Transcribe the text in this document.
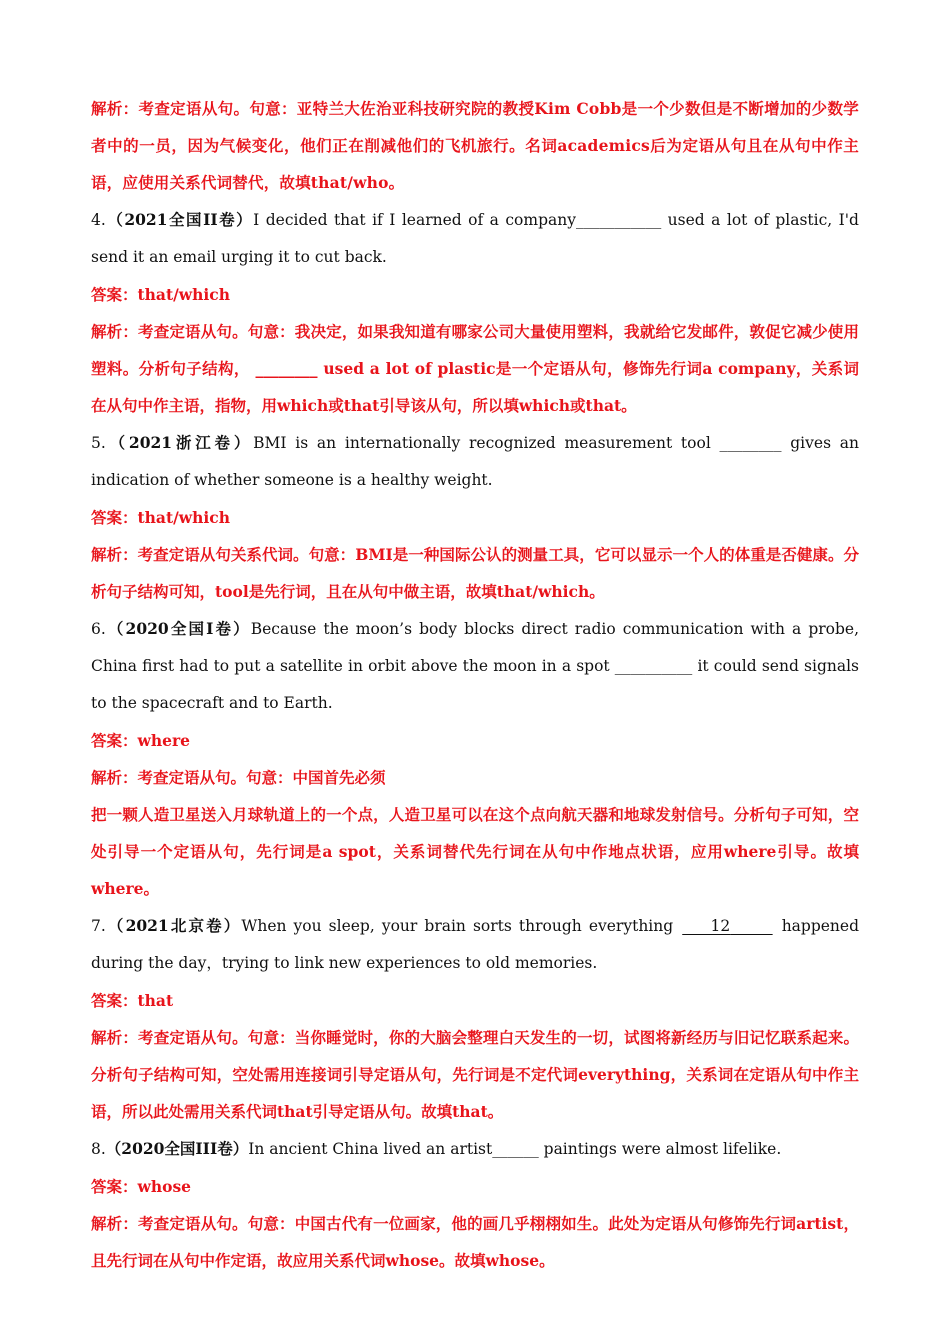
解析：考查定语从句。句意：亚特兰大佐治亚科技研究院的教授Kim Cobb是一个少数但是不断增加的少数学者中的一员，因为气候变化，他们正在削减他们的飞机旅行。名词academics后为定语从句且在从句中作主语，应使用关系代词替代，故填that/who。
4.（2021全国II卷）I decided that if I learned of a company___________ used a lot of plastic, I'd send it an email urging it to cut back.
答案：that/which
解析：考查定语从句。句意：我决定，如果我知道有哪家公司大量使用塑料，我就给它发邮件，敦促它减少使用塑料。分析句子结构， ________ used a lot of plastic是一个定语从句，修饰先行词a company，关系词在从句中作主语，指物，用which或that引导该从句，所以填which或that。
5.（2021浙江卷）BMI is an internationally recognized measurement tool ________ gives an indication of whether someone is a healthy weight.
答案：that/which
解析：考查定语从句关系代词。句意：BMI是一种国际公认的测量工具，它可以显示一个人的体重是否健康。分析句子结构可知，tool是先行词，且在从句中做主语，故填that/which。
6.（2020全国I卷）Because the moon’s body blocks direct radio communication with a probe, China first had to put a satellite in orbit above the moon in a spot __________ it could send signals to the spacecraft and to Earth.
答案：where
解析：考查定语从句。句意：中国首先必须
把一颗人造卫星送入月球轨道上的一个点，人造卫星可以在这个点向航天器和地球发射信号。分析句子可知，空处引导一个定语从句，先行词是a spot，关系词替代先行词在从句中作地点状语，应用where引导。故填where。
7.（2021北京卷）When you sleep, your brain sorts through everything     12	happened during the day，trying to link new experiences to old memories.
答案：that
解析：考查定语从句。句意：当你睡觉时，你的大脑会整理白天发生的一切，试图将新经历与旧记忆联系起来。分析句子结构可知，空处需用连接词引导定语从句，先行词是不定代词everything，关系词在定语从句中作主语，所以此处需用关系代词that引导定语从句。故填that。
8.（2020全国III卷）In ancient China lived an artist______ paintings were almost lifelike.
答案：whose
解析：考查定语从句。句意：中国古代有一位画家，他的画几乎栩栩如生。此处为定语从句修饰先行词artist，且先行词在从句中作定语，故应用关系代词whose。故填whose。
